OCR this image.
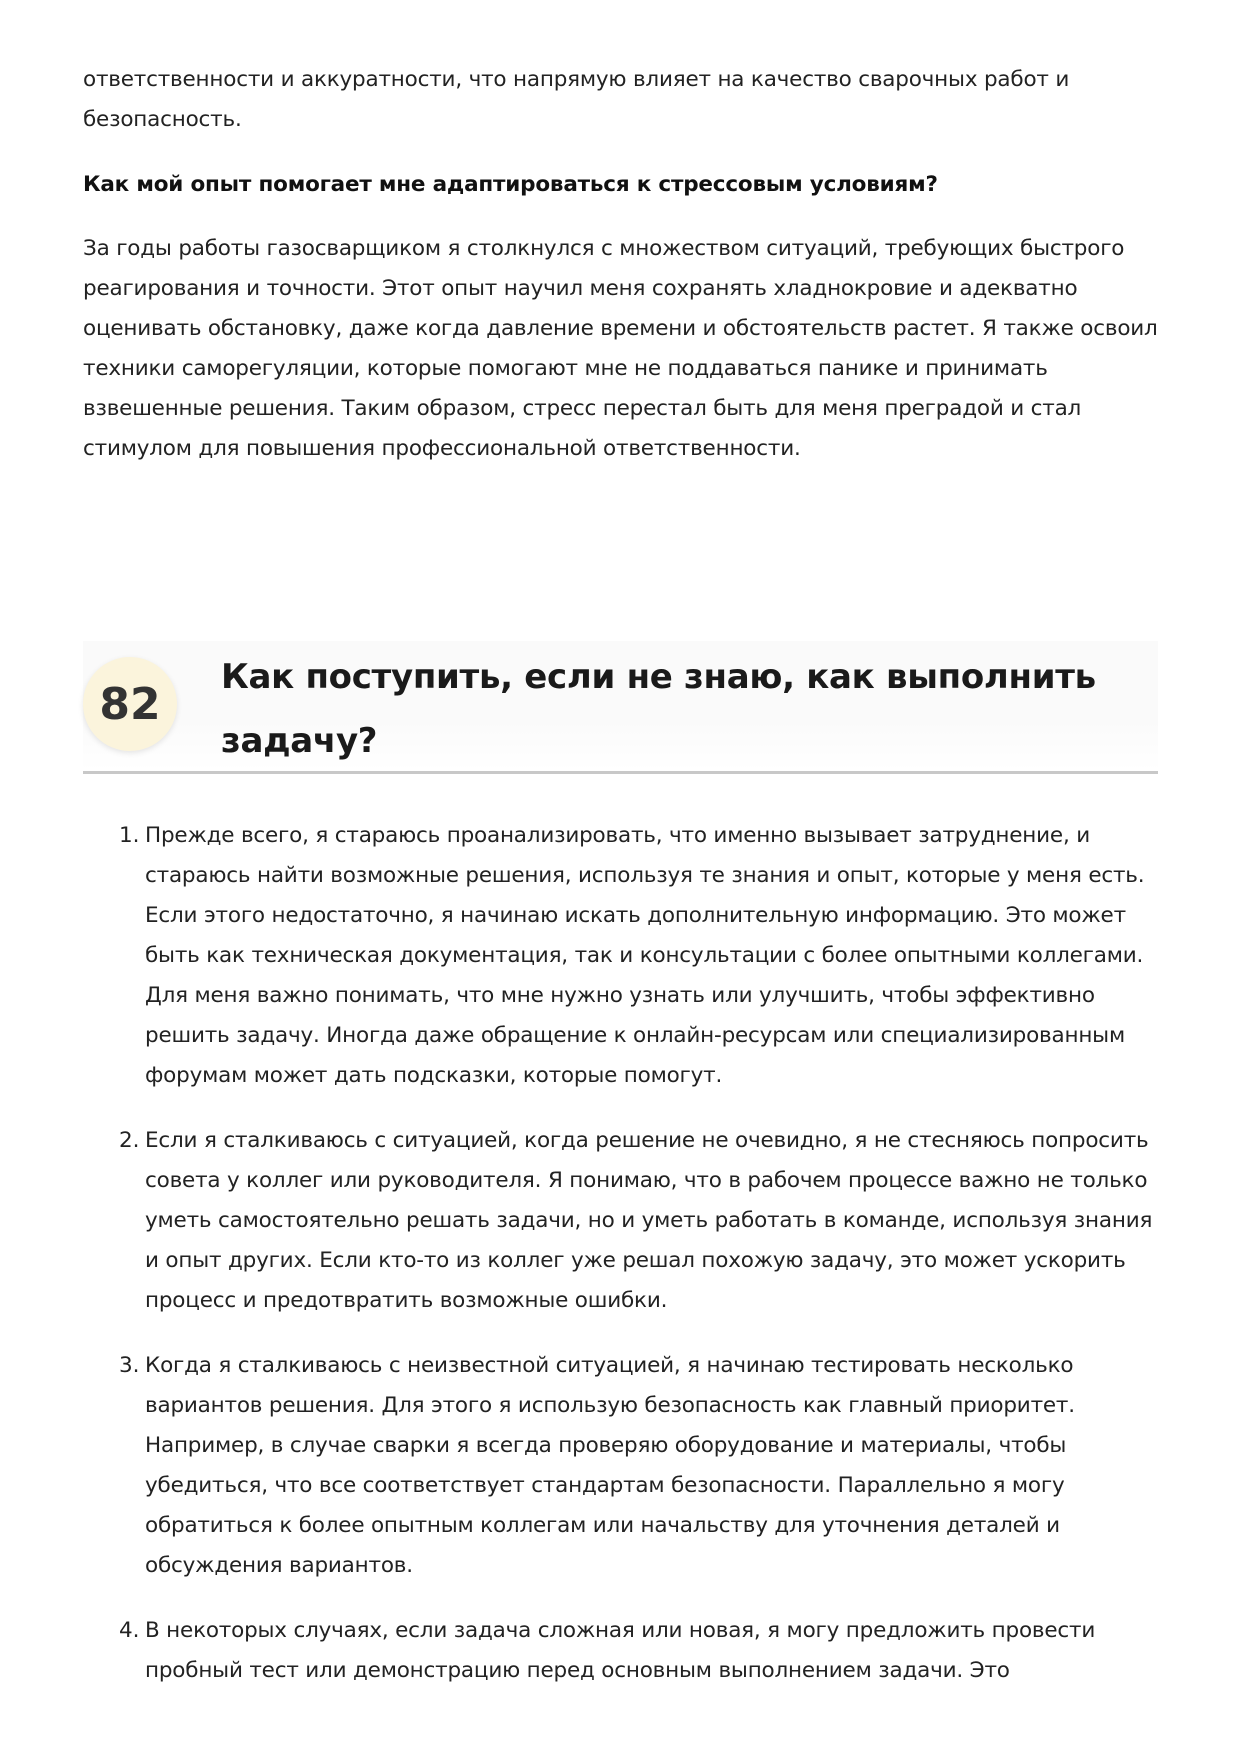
ответственности и аккуратности, что напрямую влияет на качество сварочных работ и безопасность.

Как мой опыт помогает мне адаптироваться к стрессовым условиям?

За годы работы газосварщиком я столкнулся с множеством ситуаций, требующих быстрого реагирования и точности. Этот опыт научил меня сохранять хладнокровие и адекватно оценивать обстановку, даже когда давление времени и обстоятельств растет. Я также освоил техники саморегуляции, которые помогают мне не поддаваться панике и принимать взвешенные решения. Таким образом, стресс перестал быть для меня преградой и стал стимулом для повышения профессиональной ответственности.

82
Как поступить, если не знаю, как выполнить задачу?
1. Прежде всего, я стараюсь проанализировать, что именно вызывает затруднение, и стараюсь найти возможные решения, используя те знания и опыт, которые у меня есть. Если этого недостаточно, я начинаю искать дополнительную информацию. Это может быть как техническая документация, так и консультации с более опытными коллегами. Для меня важно понимать, что мне нужно узнать или улучшить, чтобы эффективно решить задачу. Иногда даже обращение к онлайн-ресурсам или специализированным форумам может дать подсказки, которые помогут.

2. Если я сталкиваюсь с ситуацией, когда решение не очевидно, я не стесняюсь попросить совета у коллег или руководителя. Я понимаю, что в рабочем процессе важно не только уметь самостоятельно решать задачи, но и уметь работать в команде, используя знания и опыт других. Если кто-то из коллег уже решал похожую задачу, это может ускорить процесс и предотвратить возможные ошибки.

3. Когда я сталкиваюсь с неизвестной ситуацией, я начинаю тестировать несколько вариантов решения. Для этого я использую безопасность как главный приоритет. Например, в случае сварки я всегда проверяю оборудование и материалы, чтобы убедиться, что все соответствует стандартам безопасности. Параллельно я могу обратиться к более опытным коллегам или начальству для уточнения деталей и обсуждения вариантов.

4. В некоторых случаях, если задача сложная или новая, я могу предложить провести пробный тест или демонстрацию перед основным выполнением задачи. Это
